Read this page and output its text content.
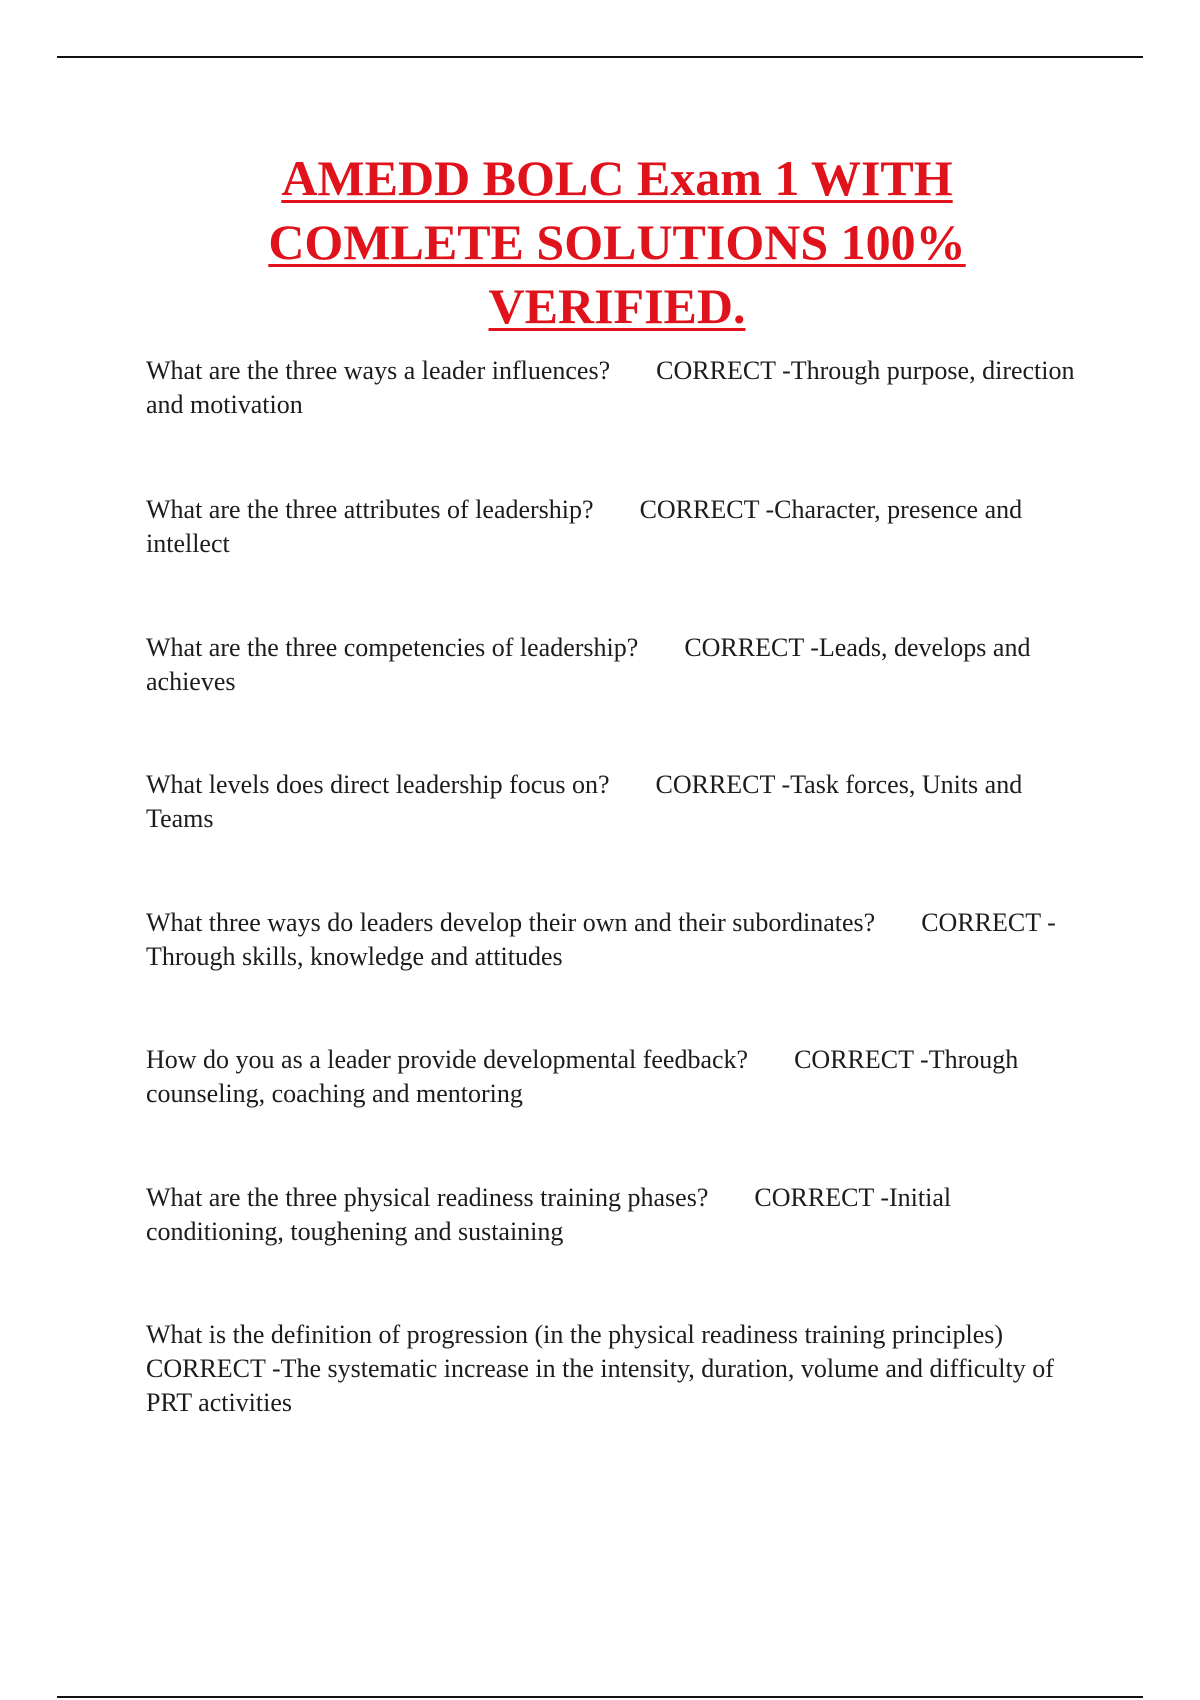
AMEDD BOLC Exam 1 WITH
COMLETE SOLUTIONS 100%
VERIFIED.
What are the three ways a leader influences? CORRECT -Through purpose, direction and motivation
What are the three attributes of leadership? CORRECT -Character, presence and intellect
What are the three competencies of leadership? CORRECT -Leads, develops and achieves
What levels does direct leadership focus on? CORRECT -Task forces, Units and Teams
What three ways do leaders develop their own and their subordinates? CORRECT -Through skills, knowledge and attitudes
How do you as a leader provide developmental feedback? CORRECT -Through counseling, coaching and mentoring
What are the three physical readiness training phases? CORRECT -Initial conditioning, toughening and sustaining
What is the definition of progression (in the physical readiness training principles)CORRECT -The systematic increase in the intensity, duration, volume and difficulty of PRT activities
